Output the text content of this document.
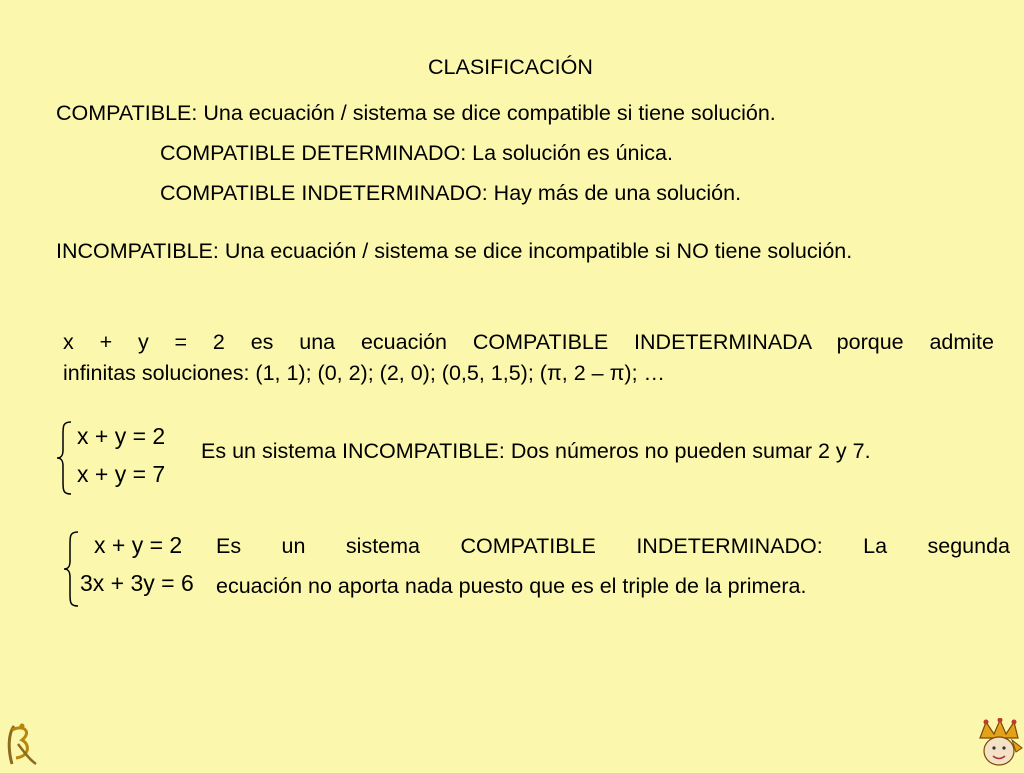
CLASIFICACIÓN
COMPATIBLE: Una ecuación / sistema se dice compatible si tiene solución.
COMPATIBLE DETERMINADO: La solución es única.
COMPATIBLE INDETERMINADO: Hay más de una solución.
INCOMPATIBLE: Una ecuación / sistema se dice incompatible si NO tiene solución.
x + y = 2 es una ecuación COMPATIBLE INDETERMINADA porque admite
infinitas soluciones: (1, 1); (0, 2); (2, 0); (0,5, 1,5); (π, 2 – π); …
x + y = 2
x + y = 7
Es un sistema INCOMPATIBLE: Dos números no pueden sumar 2 y 7.
x + y = 2
3x + 3y = 6
Es un sistema COMPATIBLE INDETERMINADO: La segunda
ecuación no aporta nada puesto que es el triple de la primera.
